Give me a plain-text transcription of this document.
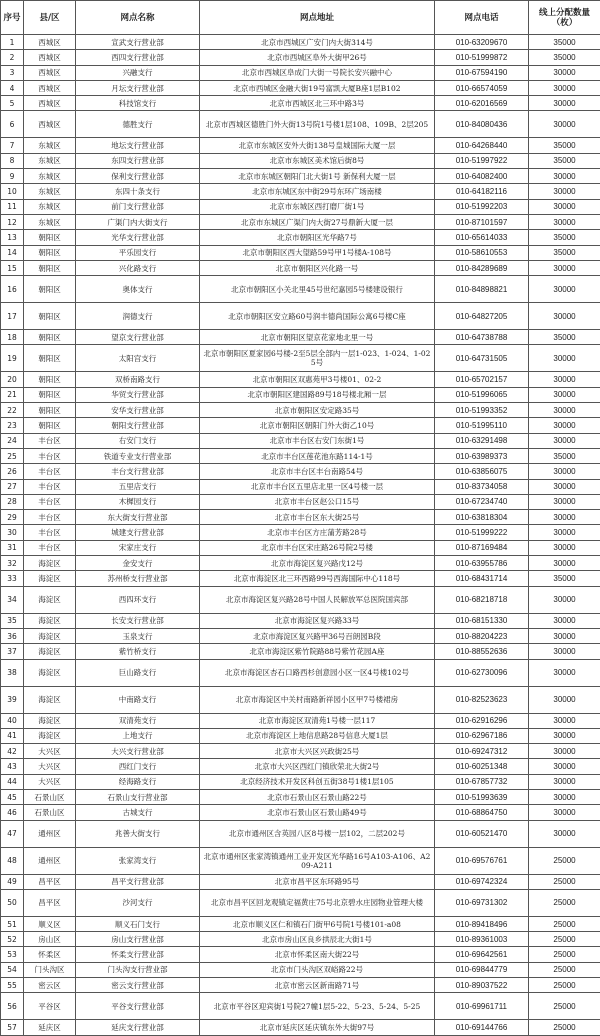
序号	县/区	网点名称	网点地址	网点电话	线上分配数量（枚）
1	西城区	宣武支行营业部	北京市西城区广安门内大街314号	010-63209670	35000
2	西城区	西四支行营业部	北京市西城区阜外大街甲26号	010-51999872	35000
3	西城区	兴融支行	北京市西城区阜成门大街一号院长安兴融中心	010-67594190	30000
4	西城区	月坛支行营业部	北京市西城区金融大街19号富凯大厦B座1层B102	010-66574059	30000
5	西城区	科技馆支行	北京市西城区北三环中路3号	010-62016569	30000
6	西城区	德胜支行	北京市西城区德胜门外大街13号院1号楼1层108、109B、2层205	010-84080436	30000
7	东城区	地坛支行营业部	北京市东城区安外大街138号皇城国际大厦一层	010-64268440	35000
8	东城区	东四支行营业部	北京市东城区美术馆后街8号	010-51997922	35000
9	东城区	保利支行营业部	北京市东城区朝阳门北大街1号 新保利大厦一层	010-64082400	30000
10	东城区	东四十条支行	北京市东城区东中街29号东环广场南楼	010-64182116	30000
11	东城区	前门支行营业部	北京市东城区西打磨厂街1号	010-51992203	30000
12	东城区	广渠门内大街支行	北京市东城区广渠门内大街27号鼎新大厦一层	010-87101597	30000
13	朝阳区	光华支行营业部	北京市朝阳区光华路7号	010-65614033	35000
14	朝阳区	平乐园支行	北京市朝阳区西大望路59号甲1号楼A-108号	010-58610553	35000
15	朝阳区	兴化路支行	北京市朝阳区兴化路一号	010-84289689	30000
16	朝阳区	奥体支行	北京市朝阳区小关北里45号世纪嘉园5号楼建设银行	010-84898821	30000
17	朝阳区	润德支行	北京市朝阳区安立路60号润丰德尚国际公寓6号楼C座	010-64827205	30000
18	朝阳区	望京支行营业部	北京市朝阳区望京花家地北里一号	010-64738788	35000
19	朝阳区	太阳宫支行	北京市朝阳区夏家园6号楼-2至5层全部内一层1-023、1-024、1-025号	010-64731505	30000
20	朝阳区	双桥南路支行	北京市朝阳区双惠苑甲3号楼01、02-2	010-65702157	30000
21	朝阳区	华贸支行营业部	北京市朝阳区建国路89号18号楼北厢一层	010-51996065	30000
22	朝阳区	安华支行营业部	北京市朝阳区安定路35号	010-51993352	30000
23	朝阳区	朝阳支行营业部	北京市朝阳区朝阳门外大街乙10号	010-51995110	30000
24	丰台区	右安门支行	北京市丰台区右安门东街1号	010-63291498	30000
25	丰台区	铁道专业支行营业部	北京市丰台区莲花池东路114-1号	010-63989373	35000
26	丰台区	丰台支行营业部	北京市丰台区丰台南路54号	010-63856075	30000
27	丰台区	五里店支行	北京市丰台区五里店北里一区4号楼一层	010-83734058	30000
28	丰台区	木樨园支行	北京市丰台区赵公口15号	010-67234740	30000
29	丰台区	东大街支行营业部	北京市丰台区东大街25号	010-63818304	30000
30	丰台区	城建支行营业部	北京市丰台区方庄蒲芳路28号	010-51999222	30000
31	丰台区	宋家庄支行	北京市丰台区宋庄路26号院2号楼	010-87169484	30000
32	海淀区	金安支行	北京市海淀区复兴路戊12号	010-63955786	30000
33	海淀区	苏州桥支行营业部	北京市海淀区北三环西路99号西海国际中心118号	010-68431714	35000
34	海淀区	西四环支行	北京市海淀区复兴路28号中国人民解放军总医院国宾部	010-68218718	30000
35	海淀区	长安支行营业部	北京市海淀区复兴路33号	010-68151330	30000
36	海淀区	玉泉支行	北京市海淀区复兴路甲36号百朗园B段	010-88204223	30000
37	海淀区	紫竹桥支行	北京市海淀区紫竹院路88号紫竹花园A座	010-88552636	30000
38	海淀区	巨山路支行	北京市海淀区杏石口路西杉创意园小区一区4号楼102号	010-62730096	30000
39	海淀区	中南路支行	北京市海淀区中关村南路新祥园小区甲7号楼裙房	010-82523623	30000
40	海淀区	双清苑支行	北京市海淀区双清苑1号楼一层117	010-62916296	30000
41	海淀区	上地支行	北京市海淀区上地信息路28号信息大厦1层	010-62967186	30000
42	大兴区	大兴支行营业部	北京市大兴区兴政街25号	010-69247312	30000
43	大兴区	西红门支行	北京市大兴区西红门镇欣荣北大街2号	010-60251348	30000
44	大兴区	经海路支行	北京经济技术开发区科创五街38号1楼1层105	010-67857732	30000
45	石景山区	石景山支行营业部	北京市石景山区石景山路22号	010-51993639	30000
46	石景山区	古城支行	北京市石景山区石景山路49号	010-68864750	30000
47	通州区	兆善大街支行	北京市通州区含英园八区8号楼一层102，二层202号	010-60521470	30000
48	通州区	张家湾支行	北京市通州区张家湾镇通州工业开发区光华路16号A103-A106、A209-A211	010-69576761	25000
49	昌平区	昌平支行营业部	北京市昌平区东环路95号	010-69742324	25000
50	昌平区	沙河支行	北京市昌平区回龙观镇定福黄庄75号北京碧水庄园物业管理大楼	010-69731302	25000
51	顺义区	顺义石门支行	北京市顺义区仁和镇石门街甲6号院1号楼101-a08	010-89418496	25000
52	房山区	房山支行营业部	北京市房山区良乡拱辰北大街1号	010-89361003	25000
53	怀柔区	怀柔支行营业部	北京市怀柔区南大街22号	010-69642561	25000
54	门头沟区	门头沟支行营业部	北京市门头沟区双峪路22号	010-69844779	25000
55	密云区	密云支行营业部	北京市密云区新南路71号	010-89037522	25000
56	平谷区	平谷支行营业部	北京市平谷区迎宾街1号院27幢1层5-22、5-23、5-24、5-25	010-69961711	25000
57	延庆区	延庆支行营业部	北京市延庆区延庆镇东外大街97号	010-69144766	25000
